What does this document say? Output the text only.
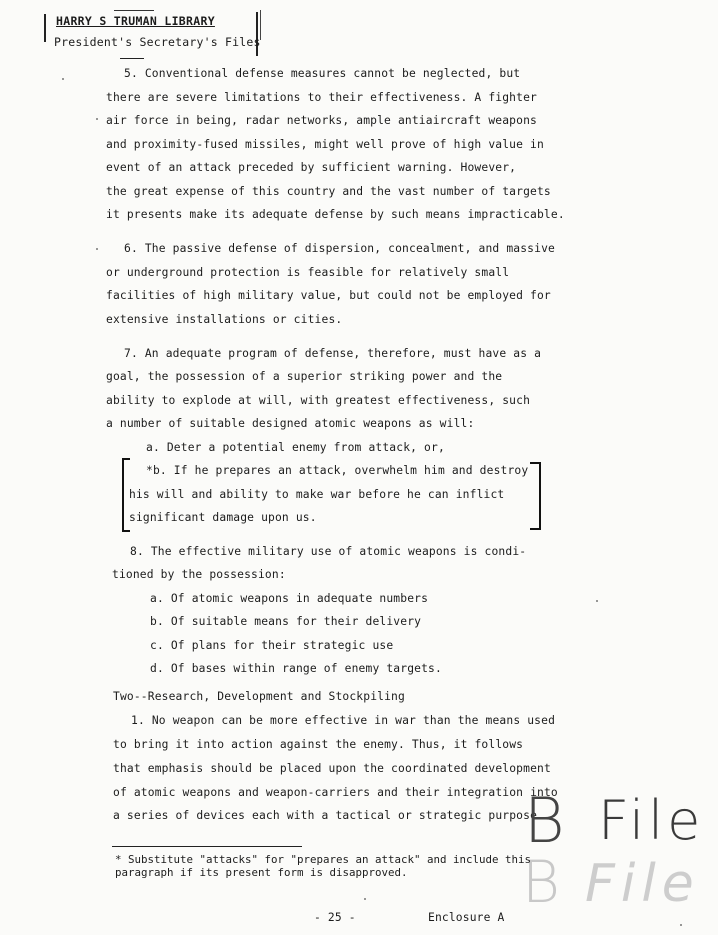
HARRY S TRUMAN LIBRARY
President's Secretary's Files
5. Conventional defense measures cannot be neglected, but
there are severe limitations to their effectiveness. A fighter
air force in being, radar networks, ample antiaircraft weapons
and proximity-fused missiles, might well prove of high value in
event of an attack preceded by sufficient warning. However,
the great expense of this country and the vast number of targets
it presents make its adequate defense by such means impracticable.
6. The passive defense of dispersion, concealment, and massive
or underground protection is feasible for relatively small
facilities of high military value, but could not be employed for
extensive installations or cities.
7. An adequate program of defense, therefore, must have as a
goal, the possession of a superior striking power and the
ability to explode at will, with greatest effectiveness, such
a number of suitable designed atomic weapons as will:
a. Deter a potential enemy from attack, or,
*b. If he prepares an attack, overwhelm him and destroy
his will and ability to make war before he can inflict
significant damage upon us.
8. The effective military use of atomic weapons is condi-
tioned by the possession:
a. Of atomic weapons in adequate numbers
b. Of suitable means for their delivery
c. Of plans for their strategic use
d. Of bases within range of enemy targets.
Two--Research, Development and Stockpiling
1. No weapon can be more effective in war than the means used
to bring it into action against the enemy. Thus, it follows
that emphasis should be placed upon the coordinated development
of atomic weapons and weapon-carriers and their integration into
a series of devices each with a tactical or strategic purpose.
B File
B File
* Substitute "attacks" for "prepares an attack" and include this
paragraph if its present form is disapproved.
- 25 -	Enclosure A
